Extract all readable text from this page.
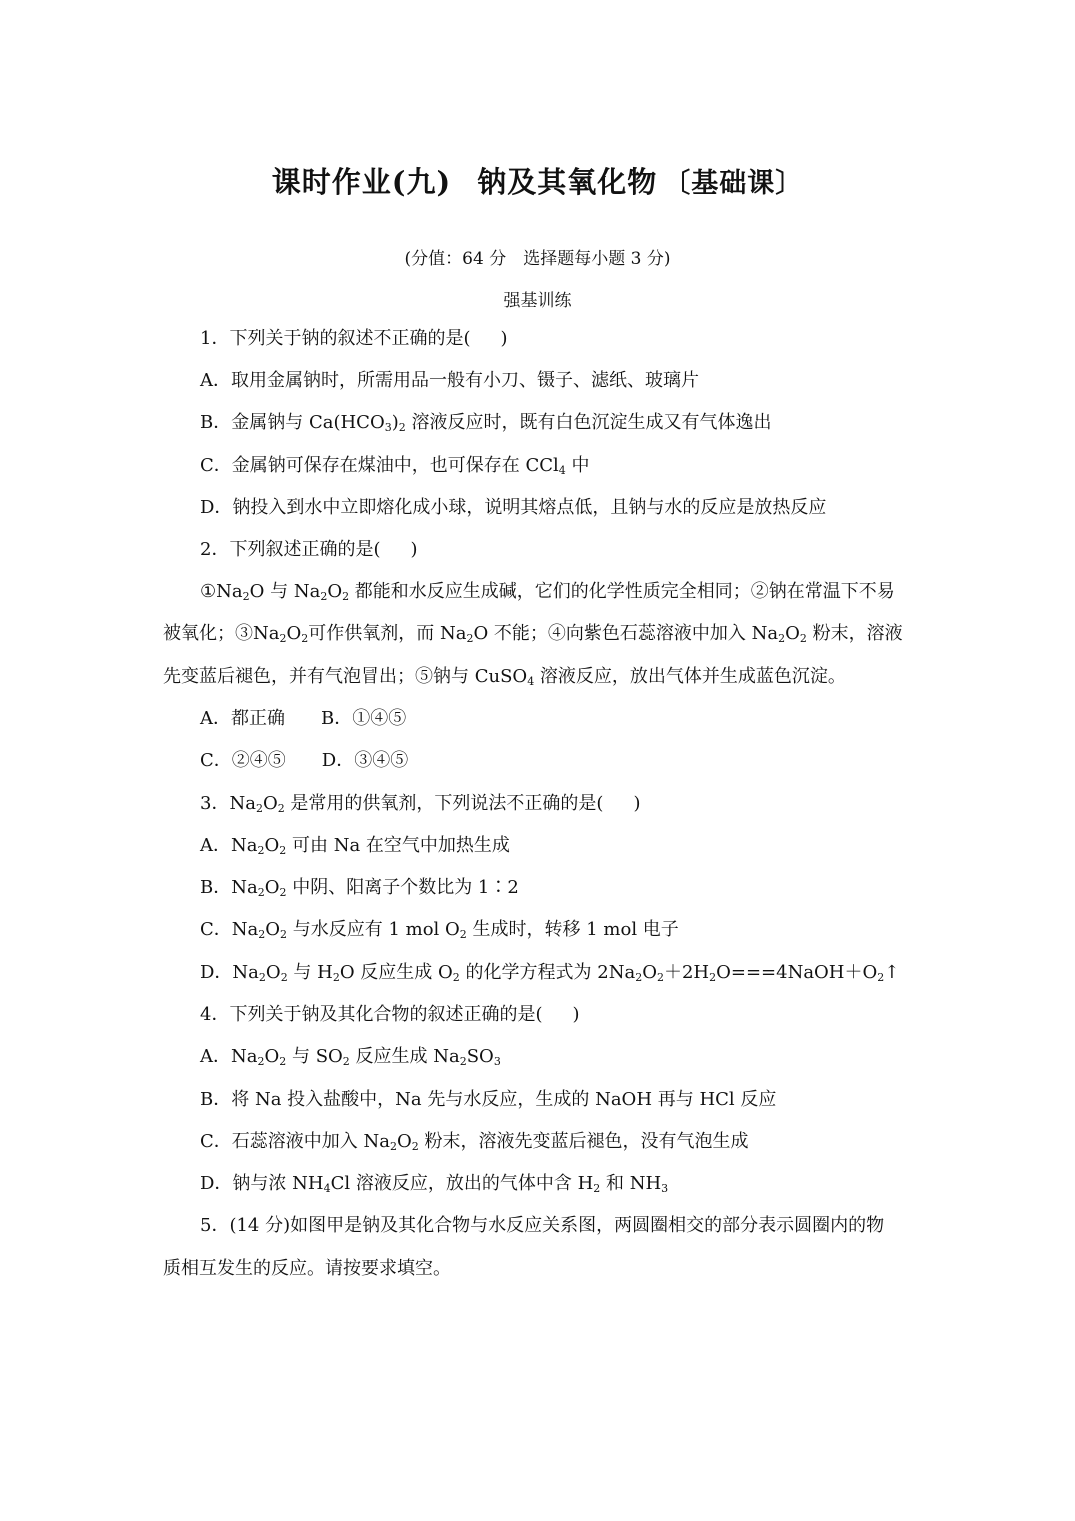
课时作业(九) 钠及其氧化物 〔基础课〕
(分值：64 分　选择题每小题 3 分)
强基训练
1．下列关于钠的叙述不正确的是( )
A．取用金属钠时，所需用品一般有小刀、镊子、滤纸、玻璃片
B．金属钠与 $Ca(HCO_3)_2$ 溶液反应时，既有白色沉淀生成又有气体逸出
C．金属钠可保存在煤油中，也可保存在 CCl$_4$ 中
D．钠投入到水中立即熔化成小球，说明其熔点低，且钠与水的反应是放热反应
2．下列叙述正确的是( )
$①Na_2O$ 与 $Na_2O_2$ 都能和水反应生成碱，它们的化学性质完全相同；②钠在常温下不易
被氧化；$③Na_2O_2$可作供氧剂，而 $Na_2O$ 不能；④向紫色石蕊溶液中加入 $Na_2O_2$ 粉末，溶液
先变蓝后褪色，并有气泡冒出；⑤钠与 CuSO$_4$ 溶液反应，放出气体并生成蓝色沉淀。
A．都正确 B．①④⑤
C．②④⑤ D．③④⑤
3．$Na_2O_2$ 是常用的供氧剂，下列说法不正确的是( )
A．$Na_2O_2$ 可由 Na 在空气中加热生成
B．$Na_2O_2$ 中阴、阳离子个数比为 1∶2
C．$Na_2O_2$ 与水反应有 1 mol $O_2$ 生成时，转移 1 mol 电子
D．$Na_2O_2$ 与 $H_2O$ 反应生成 $O_2$ 的化学方程式为 $2Na_2O_2+2H_2O===4NaOH+O_2↑$
4．下列关于钠及其化合物的叙述正确的是( )
A．$Na_2O_2$ 与 $SO_2$ 反应生成 $Na_2SO_3$
B．将 Na 投入盐酸中，Na 先与水反应，生成的 NaOH 再与 HCl 反应
C．石蕊溶液中加入 $Na_2O_2$ 粉末，溶液先变蓝后褪色，没有气泡生成
D．钠与浓 $NH_4Cl$ 溶液反应，放出的气体中含 $H_2$ 和 $NH_3$
5．(14 分)如图甲是钠及其化合物与水反应关系图，两圆圈相交的部分表示圆圈内的物
质相互发生的反应。请按要求填空。
